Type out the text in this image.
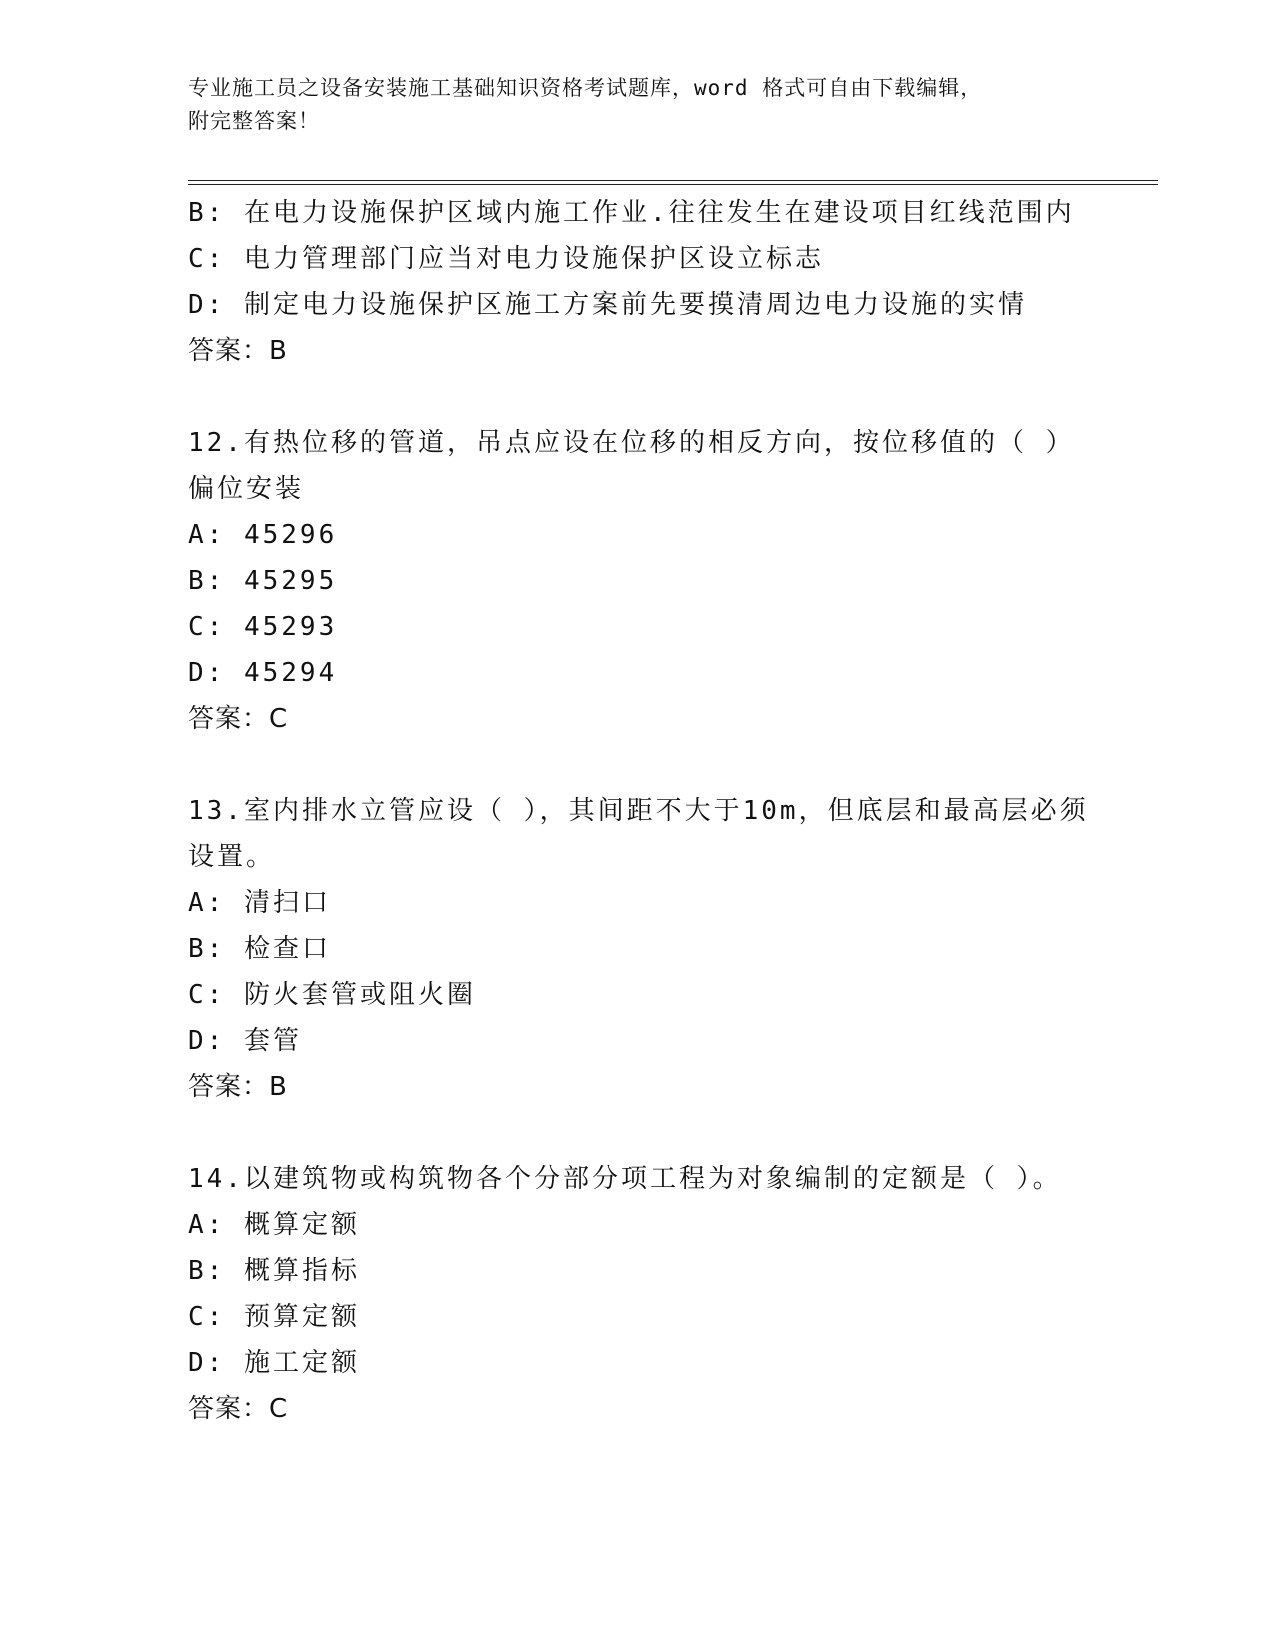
专业施工员之设备安装施工基础知识资格考试题库，word 格式可自由下载编辑，
附完整答案！
B: 在电力设施保护区域内施工作业.往往发生在建设项目红线范围内
C: 电力管理部门应当对电力设施保护区设立标志
D: 制定电力设施保护区施工方案前先要摸清周边电力设施的实情
答案：B
12.有热位移的管道，吊点应设在位移的相反方向，按位移值的（ ）
偏位安装
A: 45296
B: 45295
C: 45293
D: 45294
答案：C
13.室内排水立管应设（ ），其间距不大于10m，但底层和最高层必须
设置。
A: 清扫口
B: 检查口
C: 防火套管或阻火圈
D: 套管
答案：B
14.以建筑物或构筑物各个分部分项工程为对象编制的定额是（ ）。
A: 概算定额
B: 概算指标
C: 预算定额
D: 施工定额
答案：C
